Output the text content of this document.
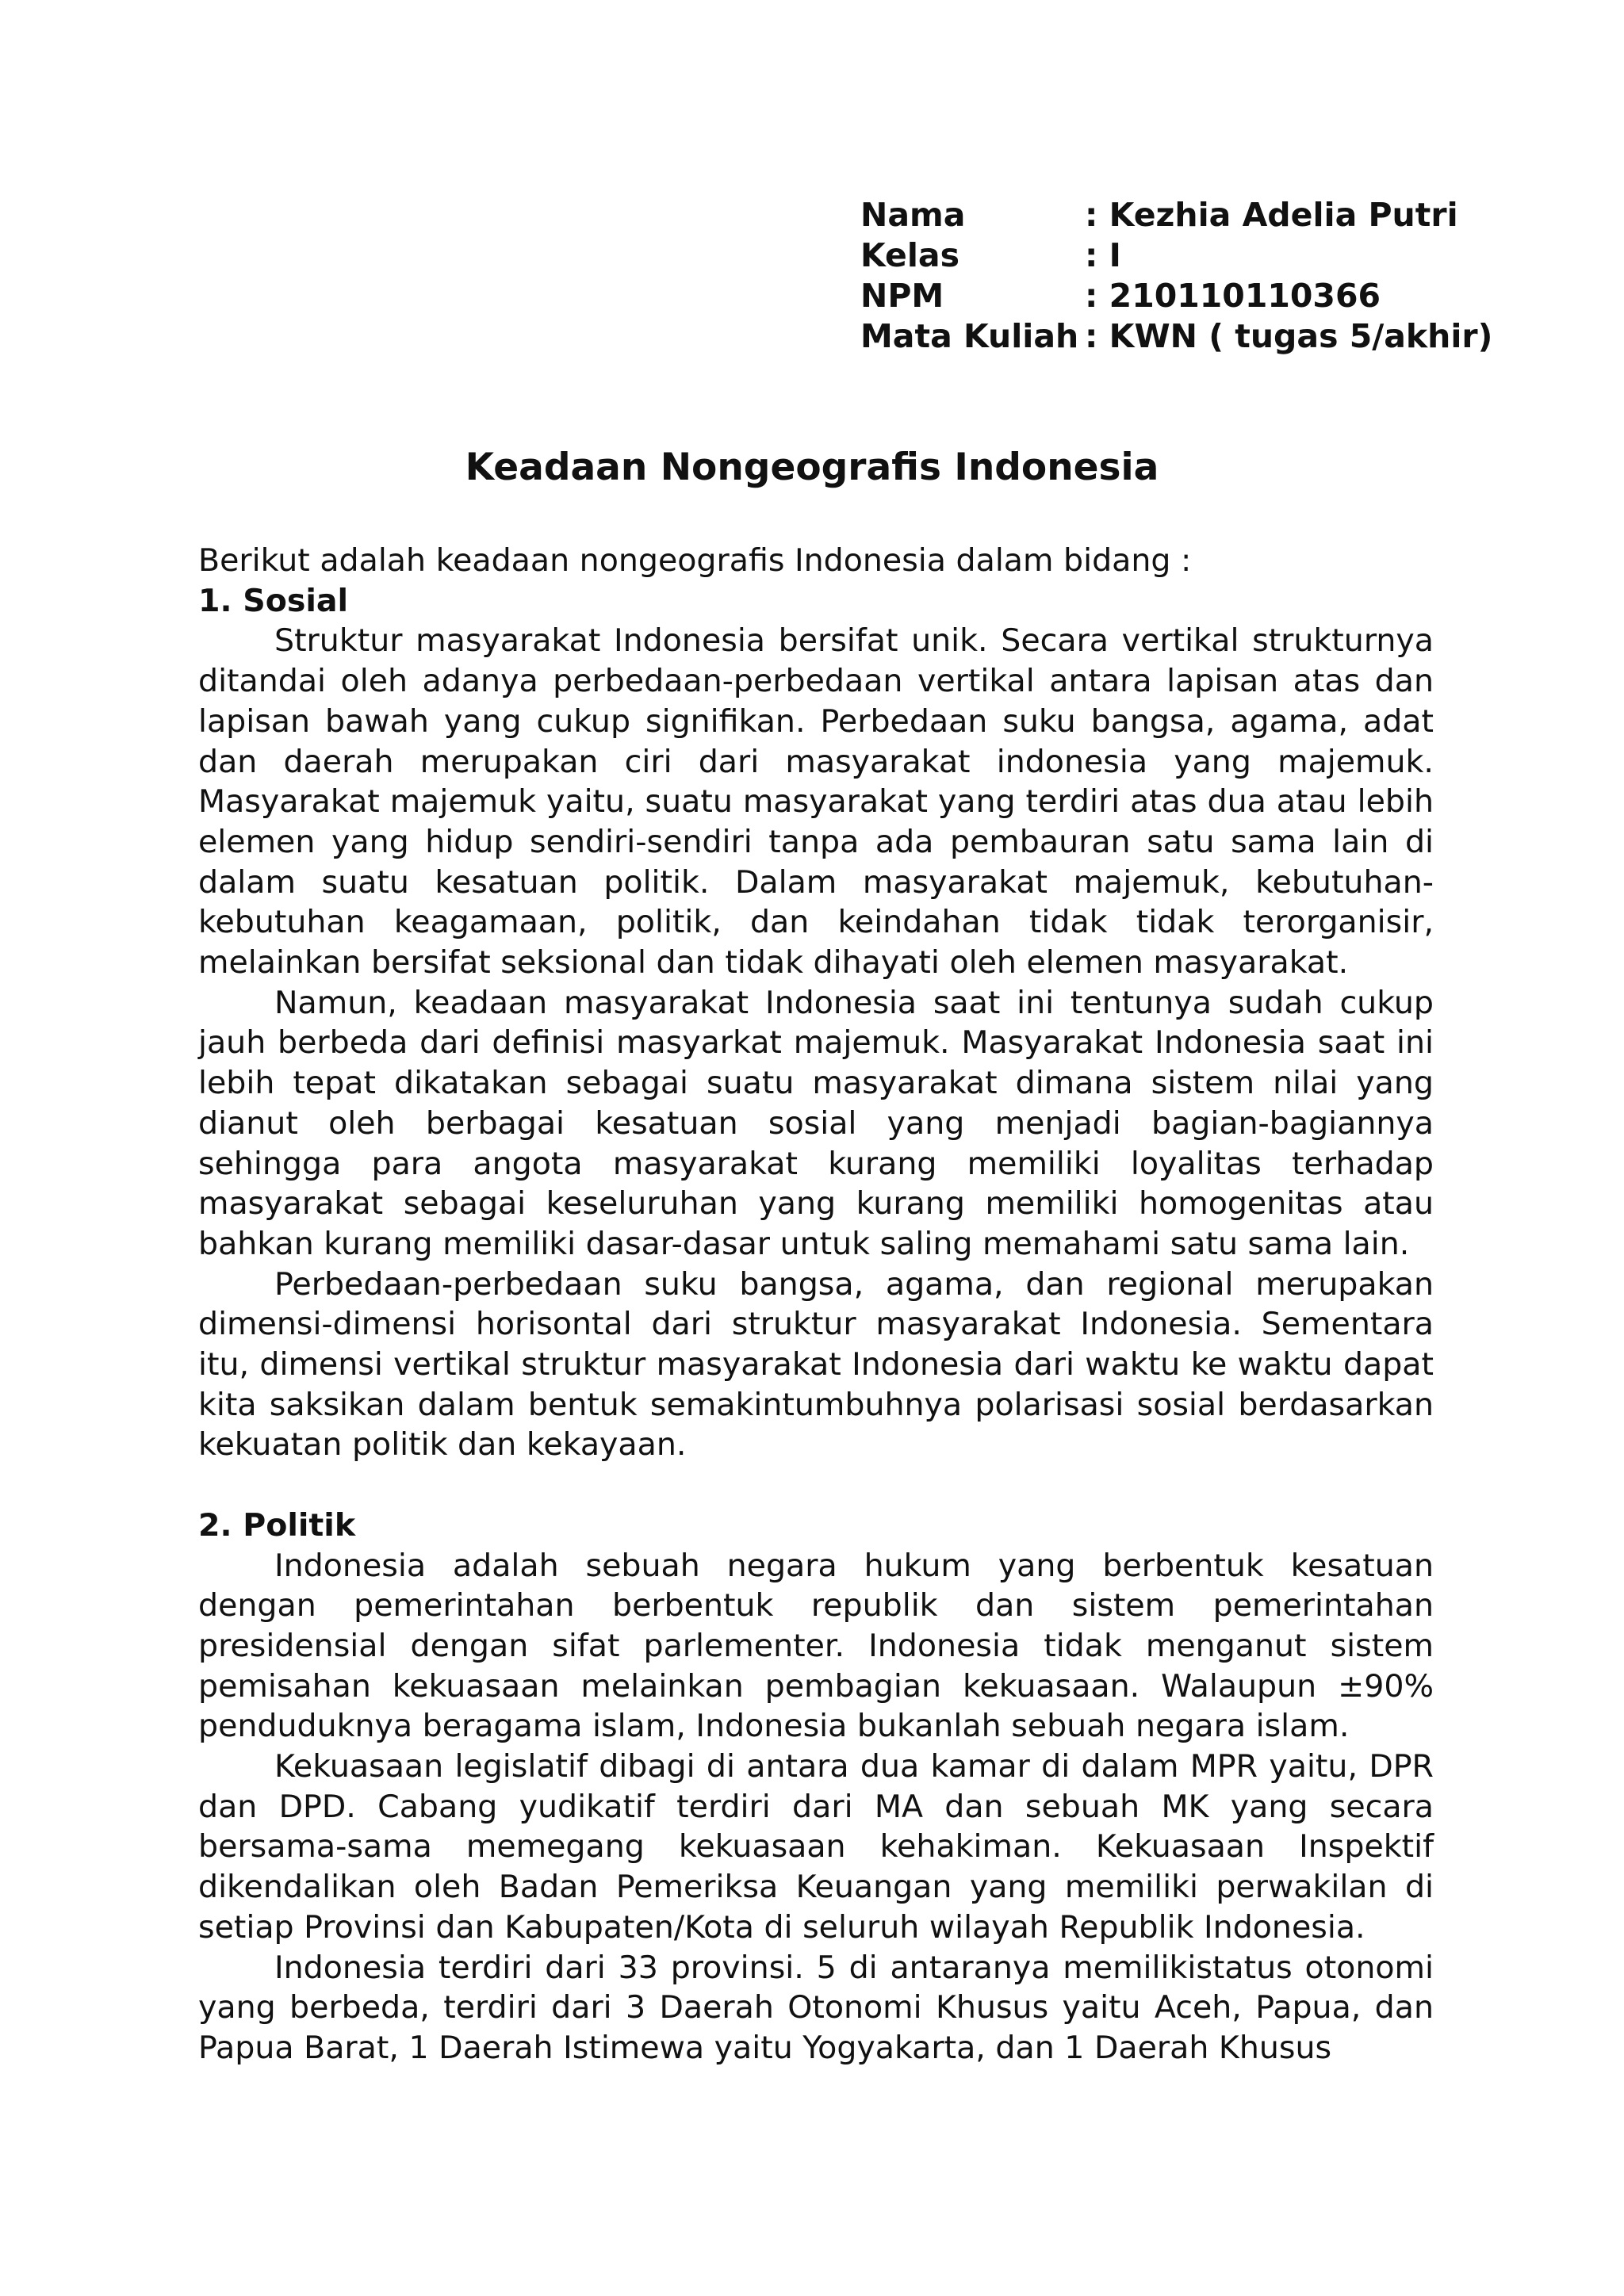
Nama	: Kezhia Adelia Putri
Kelas	: I
NPM	: 210110110366
Mata Kuliah : KWN ( tugas 5/akhir)
Keadaan Nongeografis Indonesia

Berikut adalah keadaan nongeografis Indonesia dalam bidang :

1. Sosial

Struktur masyarakat Indonesia bersifat unik. Secara vertikal strukturnya ditandai oleh adanya perbedaan-perbedaan vertikal antara lapisan atas dan lapisan bawah yang cukup signifikan. Perbedaan suku bangsa, agama, adat dan daerah merupakan ciri dari masyarakat indonesia yang majemuk. Masyarakat majemuk yaitu, suatu masyarakat yang terdiri atas dua atau lebih elemen yang hidup sendiri-sendiri tanpa ada pembauran satu sama lain di dalam suatu kesatuan politik. Dalam masyarakat majemuk, kebutuhan-kebutuhan keagamaan, politik, dan keindahan tidak tidak terorganisir, melainkan bersifat seksional dan tidak dihayati oleh elemen masyarakat.

Namun, keadaan masyarakat Indonesia saat ini tentunya sudah cukup jauh berbeda dari definisi masyarkat majemuk. Masyarakat Indonesia saat ini lebih tepat dikatakan sebagai suatu masyarakat dimana sistem nilai yang dianut oleh berbagai kesatuan sosial yang menjadi bagian-bagiannya sehingga para angota masyarakat kurang memiliki loyalitas terhadap masyarakat sebagai keseluruhan yang kurang memiliki homogenitas atau bahkan kurang memiliki dasar-dasar untuk saling memahami satu sama lain.

Perbedaan-perbedaan suku bangsa, agama, dan regional merupakan dimensi-dimensi horisontal dari struktur masyarakat Indonesia. Sementara itu, dimensi vertikal struktur masyarakat Indonesia dari waktu ke waktu dapat kita saksikan dalam bentuk semakintumbuhnya polarisasi sosial berdasarkan kekuatan politik dan kekayaan.

2. Politik

Indonesia adalah sebuah negara hukum yang berbentuk kesatuan dengan pemerintahan berbentuk republik dan sistem pemerintahan presidensial dengan sifat parlementer. Indonesia tidak menganut sistem pemisahan kekuasaan melainkan pembagian kekuasaan. Walaupun ±90% penduduknya beragama islam, Indonesia bukanlah sebuah negara islam.

Kekuasaan legislatif dibagi di antara dua kamar di dalam MPR yaitu, DPR dan DPD. Cabang yudikatif terdiri dari MA dan sebuah MK yang secara bersama-sama memegang kekuasaan kehakiman. Kekuasaan Inspektif dikendalikan oleh Badan Pemeriksa Keuangan yang memiliki perwakilan di setiap Provinsi dan Kabupaten/Kota di seluruh wilayah Republik Indonesia.

Indonesia terdiri dari 33 provinsi. 5 di antaranya memilikistatus otonomi yang berbeda, terdiri dari 3 Daerah Otonomi Khusus yaitu Aceh, Papua, dan Papua Barat, 1 Daerah Istimewa yaitu Yogyakarta, dan 1 Daerah Khusus
